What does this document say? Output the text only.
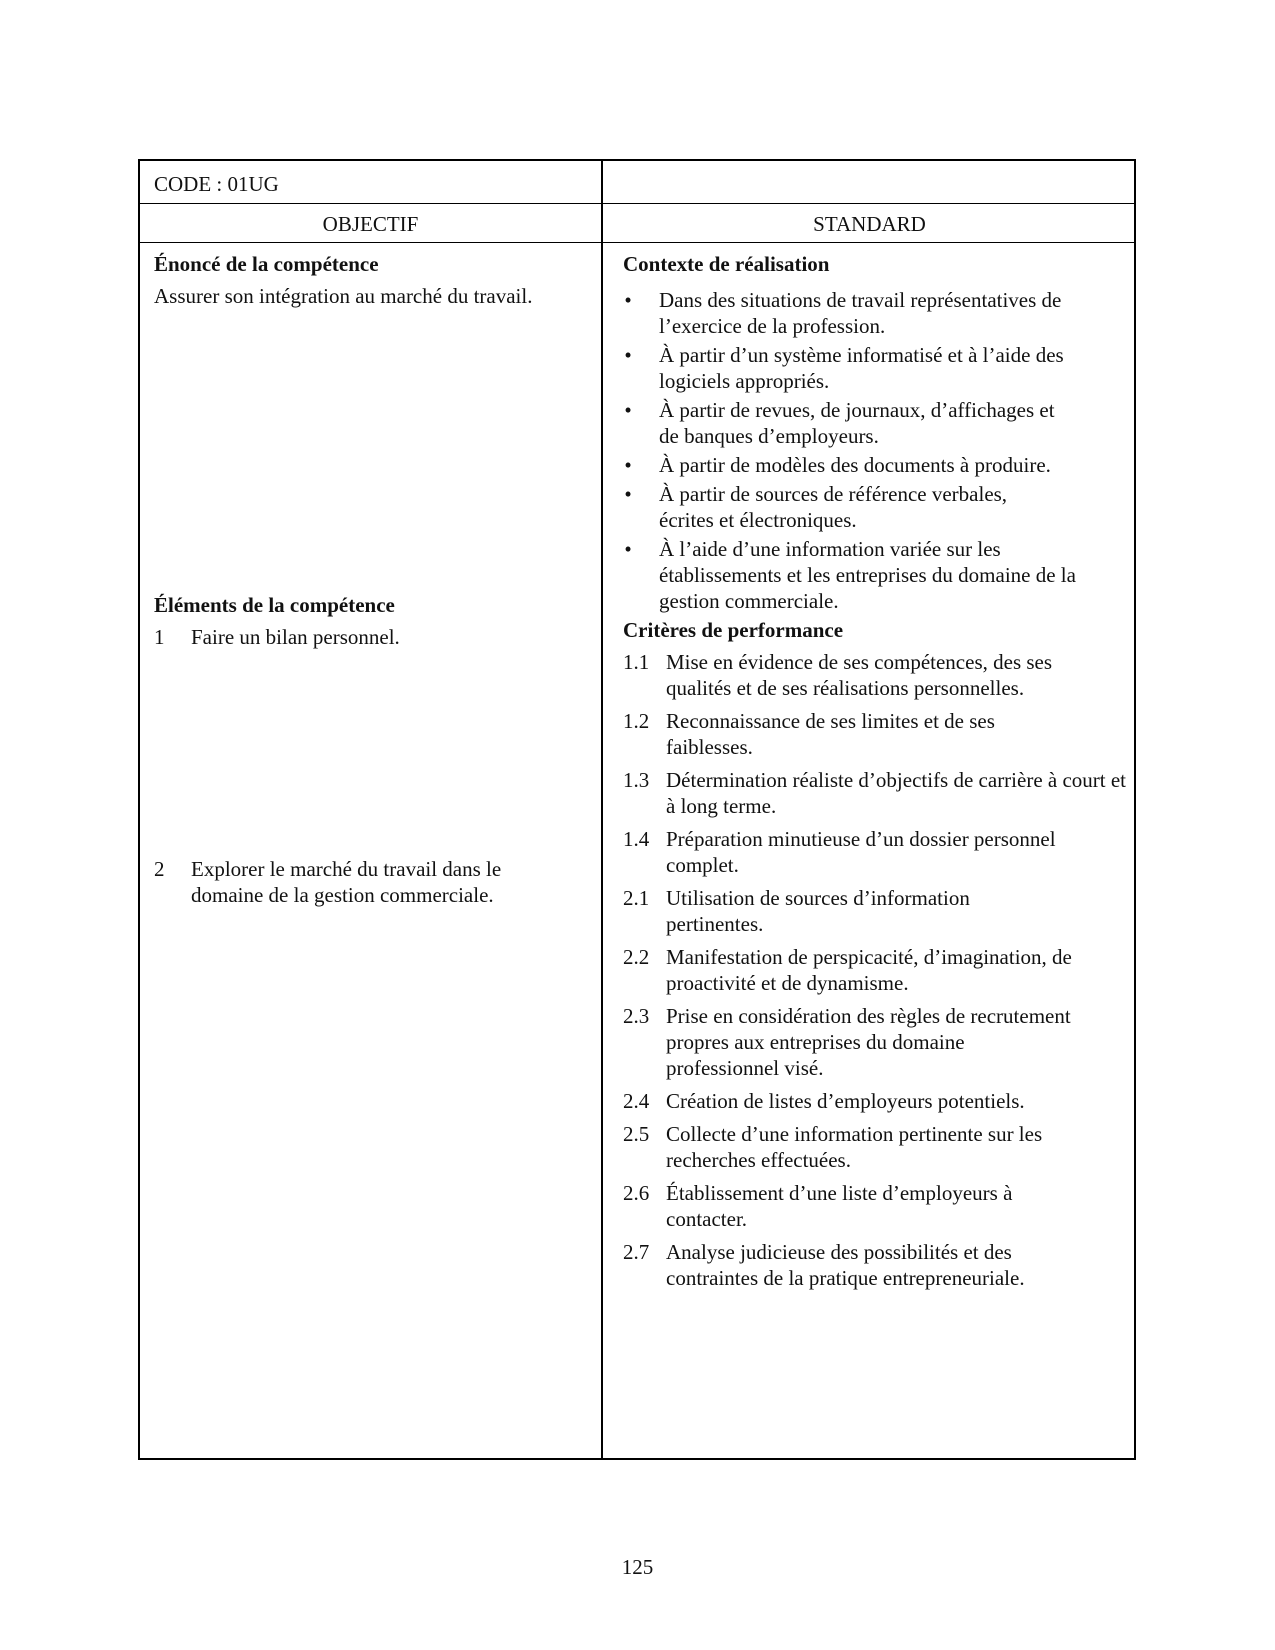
CODE : 01UG
OBJECTIF	STANDARD

Énoncé de la compétence

Assurer son intégration au marché du travail.

Éléments de la compétence

1 Faire un bilan personnel.
2 Explorer le marché du travail dans le domaine de la gestion commerciale.

Contexte de réalisation

• Dans des situations de travail représentatives de l’exercice de la profession.
• À partir d’un système informatisé et à l’aide des logiciels appropriés.
• À partir de revues, de journaux, d’affichages et de banques d’employeurs.
• À partir de modèles des documents à produire.
• À partir de sources de référence verbales, écrites et électroniques.
• À l’aide d’une information variée sur les établissements et les entreprises du domaine de la gestion commerciale.

Critères de performance

1.1 Mise en évidence de ses compétences, des ses qualités et de ses réalisations personnelles.
1.2 Reconnaissance de ses limites et de ses faiblesses.
1.3 Détermination réaliste d’objectifs de carrière à court et à long terme.
1.4 Préparation minutieuse d’un dossier personnel complet.
2.1 Utilisation de sources d’information pertinentes.
2.2 Manifestation de perspicacité, d’imagination, de proactivité et de dynamisme.
2.3 Prise en considération des règles de recrutement propres aux entreprises du domaine professionnel visé.
2.4 Création de listes d’employeurs potentiels.
2.5 Collecte d’une information pertinente sur les recherches effectuées.
2.6 Établissement d’une liste d’employeurs à contacter.
2.7 Analyse judicieuse des possibilités et des contraintes de la pratique entrepreneuriale.
125
